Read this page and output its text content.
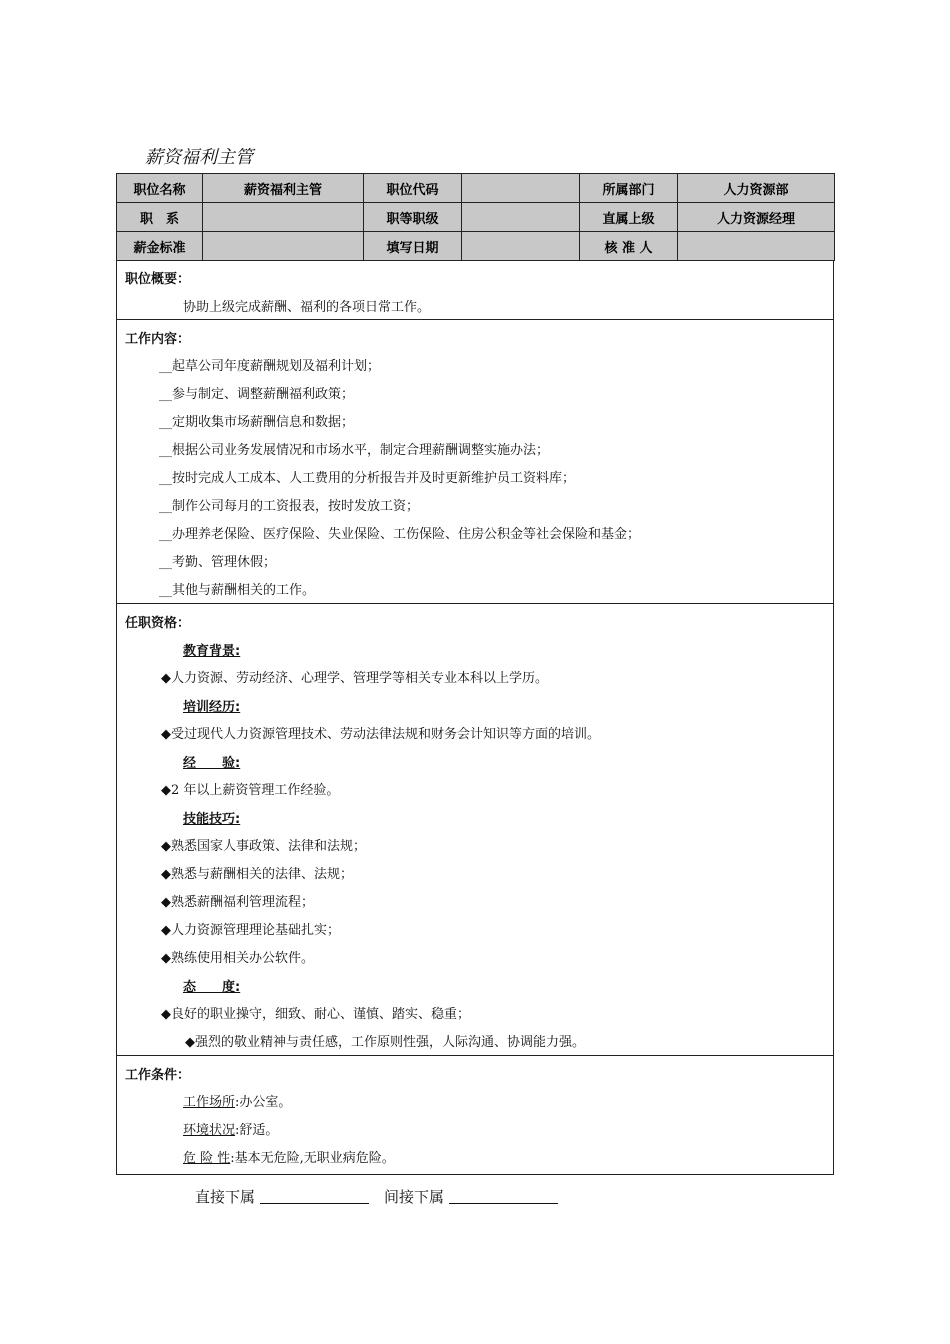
薪资福利主管
职位名称	薪资福利主管	职位代码		所属部门	人力资源部
职　系		职等职级		直属上级	人力资源经理
薪金标准		填写日期		核 准 人	
职位概要：
协助上级完成薪酬、福利的各项日常工作。
工作内容：
__起草公司年度薪酬规划及福利计划；
__参与制定、调整薪酬福利政策；
__定期收集市场薪酬信息和数据；
__根据公司业务发展情况和市场水平，制定合理薪酬调整实施办法；
__按时完成人工成本、人工费用的分析报告并及时更新维护员工资料库；
__制作公司每月的工资报表，按时发放工资；
__办理养老保险、医疗保险、失业保险、工伤保险、住房公积金等社会保险和基金；
__考勤、管理休假；
__其他与薪酬相关的工作。
任职资格：
教育背景:
◆人力资源、劳动经济、心理学、管理学等相关专业本科以上学历。
培训经历:
◆受过现代人力资源管理技术、劳动法律法规和财务会计知识等方面的培训。
经　　验:
◆2 年以上薪资管理工作经验。
技能技巧:
◆熟悉国家人事政策、法律和法规；
◆熟悉与薪酬相关的法律、法规；
◆熟悉薪酬福利管理流程；
◆人力资源管理理论基础扎实；
◆熟练使用相关办公软件。
态　　度:
◆良好的职业操守，细致、耐心、谨慎、踏实、稳重；
◆强烈的敬业精神与责任感，工作原则性强，人际沟通、协调能力强。
工作条件：
工作场所:办公室。
环境状况:舒适。
危 险 性:基本无危险,无职业病危险。
直接下属	间接下属
